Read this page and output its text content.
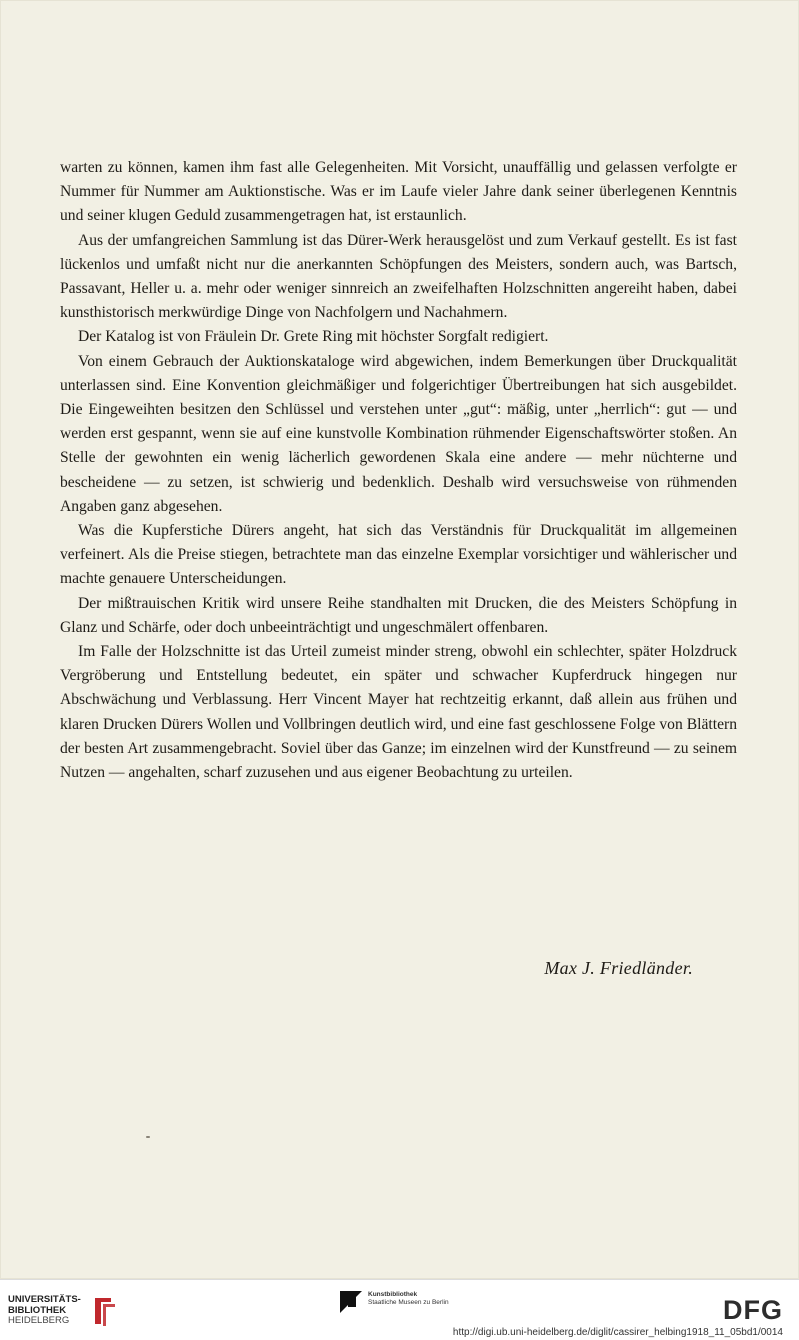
warten zu können, kamen ihm fast alle Gelegenheiten. Mit Vorsicht, unauffällig und gelassen verfolgte er Nummer für Nummer am Auktionstische. Was er im Laufe vieler Jahre dank seiner überlegenen Kenntnis und seiner klugen Geduld zusammengetragen hat, ist erstaunlich.

Aus der umfangreichen Sammlung ist das Dürer-Werk herausgelöst und zum Verkauf gestellt. Es ist fast lückenlos und umfaßt nicht nur die anerkannten Schöpfungen des Meisters, sondern auch, was Bartsch, Passavant, Heller u. a. mehr oder weniger sinnreich an zweifelhaften Holzschnitten angereiht haben, dabei kunsthistorisch merkwürdige Dinge von Nachfolgern und Nachahmern.

Der Katalog ist von Fräulein Dr. Grete Ring mit höchster Sorgfalt redigiert.

Von einem Gebrauch der Auktionskataloge wird abgewichen, indem Bemerkungen über Druckqualität unterlassen sind. Eine Konvention gleichmäßiger und folgerichtiger Übertreibungen hat sich ausgebildet. Die Eingeweihten besitzen den Schlüssel und verstehen unter „gut“: mäßig, unter „herrlich“: gut — und werden erst gespannt, wenn sie auf eine kunstvolle Kombination rühmender Eigenschaftswörter stoßen. An Stelle der gewohnten ein wenig lächerlich gewordenen Skala eine andere — mehr nüchterne und bescheidene — zu setzen, ist schwierig und bedenklich. Deshalb wird versuchsweise von rühmenden Angaben ganz abgesehen.

Was die Kupferstiche Dürers angeht, hat sich das Verständnis für Druckqualität im allgemeinen verfeinert. Als die Preise stiegen, betrachtete man das einzelne Exemplar vorsichtiger und wählerischer und machte genauere Unterscheidungen.

Der mißtrauischen Kritik wird unsere Reihe standhalten mit Drucken, die des Meisters Schöpfung in Glanz und Schärfe, oder doch unbeeinträchtigt und ungeschmälert offenbaren.

Im Falle der Holzschnitte ist das Urteil zumeist minder streng, obwohl ein schlechter, später Holzdruck Vergröberung und Entstellung bedeutet, ein später und schwacher Kupferdruck hingegen nur Abschwächung und Verblassung. Herr Vincent Mayer hat rechtzeitig erkannt, daß allein aus frühen und klaren Drucken Dürers Wollen und Vollbringen deutlich wird, und eine fast geschlossene Folge von Blättern der besten Art zusammengebracht. Soviel über das Ganze; im einzelnen wird der Kunstfreund — zu seinem Nutzen — angehalten, scharf zuzusehen und aus eigener Beobachtung zu urteilen.

Max J. Friedländer.
UNIVERSITÄTS-
BIBLIOTHEK
HEIDELBERG
Kunstbibliothek
Staatliche Museen zu Berlin	DFG
http://digi.ub.uni-heidelberg.de/diglit/cassirer_helbing1918_11_05bd1/0014
